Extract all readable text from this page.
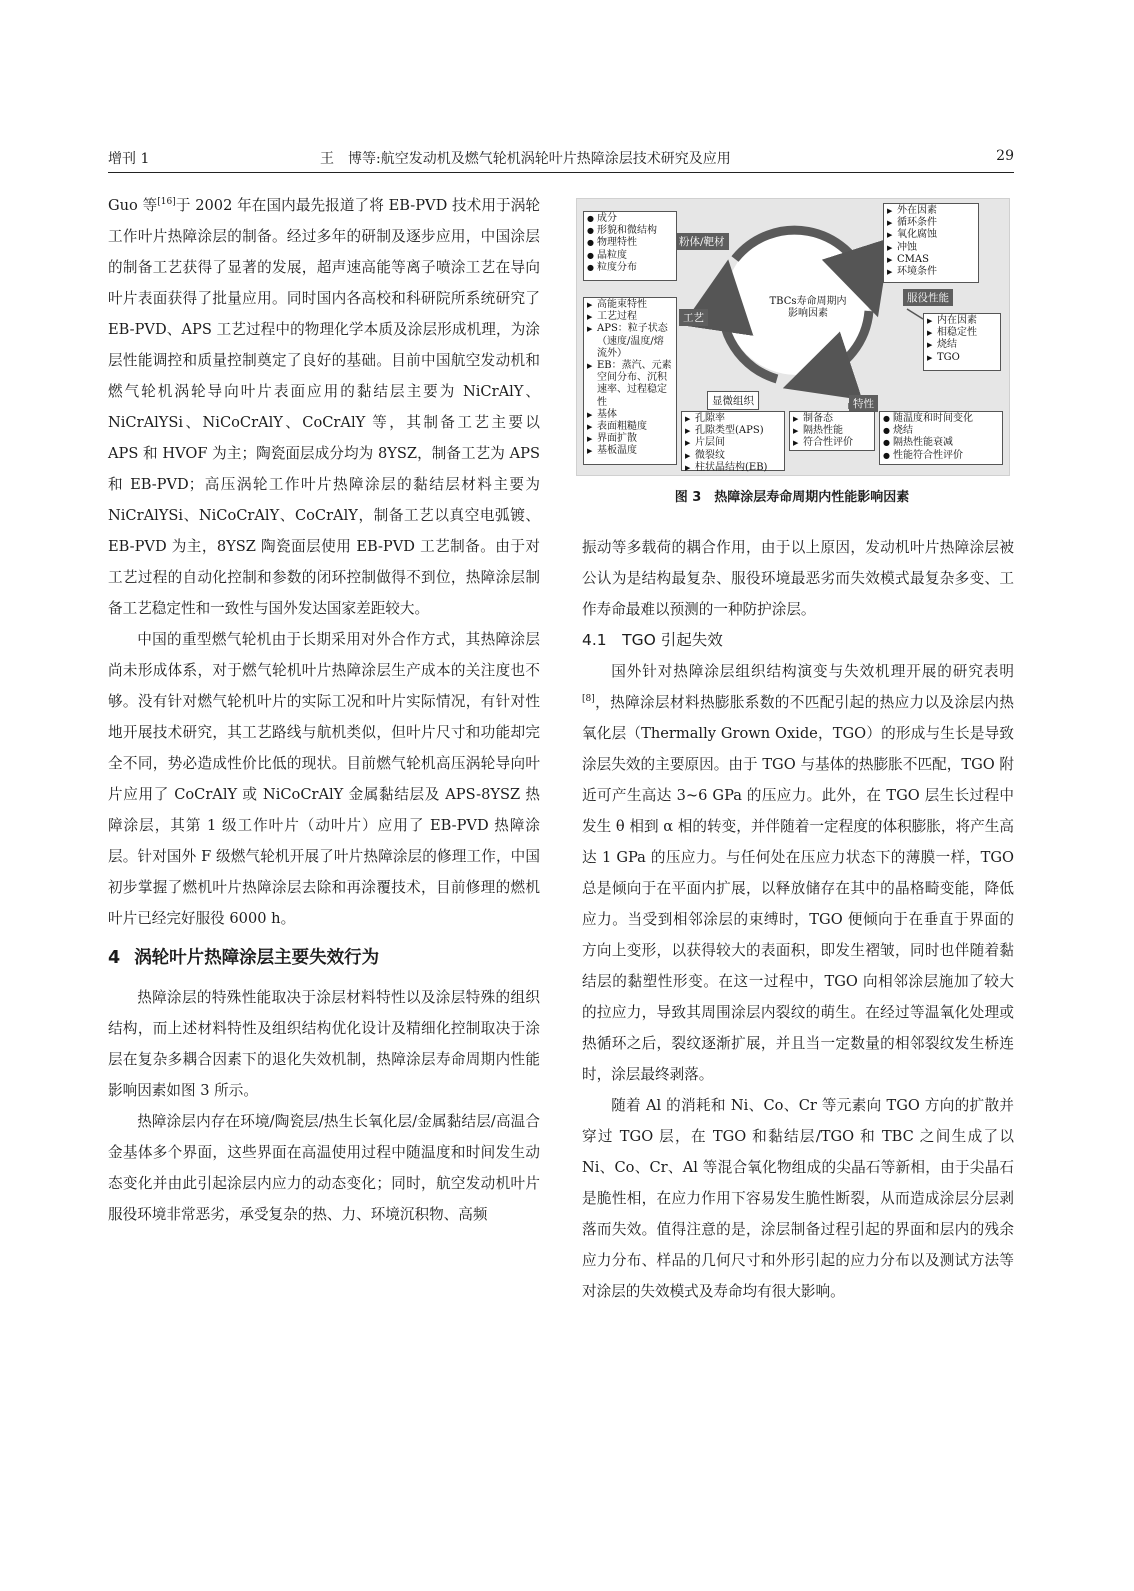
增刊 1	王　博等:航空发动机及燃气轮机涡轮叶片热障涂层技术研究及应用	29

Guo 等[16]于 2002 年在国内最先报道了将 EB-PVD 技术用于涡轮工作叶片热障涂层的制备。经过多年的研制及逐步应用，中国涂层的制备工艺获得了显著的发展，超声速高能等离子喷涂工艺在导向叶片表面获得了批量应用。同时国内各高校和科研院所系统研究了 EB-PVD、APS 工艺过程中的物理化学本质及涂层形成机理，为涂层性能调控和质量控制奠定了良好的基础。目前中国航空发动机和燃气轮机涡轮导向叶片表面应用的黏结层主要为 NiCrAlY、NiCrAlYSi、NiCoCrAlY、CoCrAlY 等，其制备工艺主要以 APS 和 HVOF 为主；陶瓷面层成分均为 8YSZ，制备工艺为 APS 和 EB-PVD；高压涡轮工作叶片热障涂层的黏结层材料主要为 NiCrAlYSi、NiCoCrAlY、CoCrAlY，制备工艺以真空电弧镀、EB-PVD 为主，8YSZ 陶瓷面层使用 EB-PVD 工艺制备。由于对工艺过程的自动化控制和参数的闭环控制做得不到位，热障涂层制备工艺稳定性和一致性与国外发达国家差距较大。

中国的重型燃气轮机由于长期采用对外合作方式，其热障涂层尚未形成体系，对于燃气轮机叶片热障涂层生产成本的关注度也不够。没有针对燃气轮机叶片的实际工况和叶片实际情况，有针对性地开展技术研究，其工艺路线与航机类似，但叶片尺寸和功能却完全不同，势必造成性价比低的现状。目前燃气轮机高压涡轮导向叶片应用了 CoCrAlY 或 NiCoCrAlY 金属黏结层及 APS-8YSZ 热障涂层，其第 1 级工作叶片（动叶片）应用了 EB-PVD 热障涂层。针对国外 F 级燃气轮机开展了叶片热障涂层的修理工作，中国初步掌握了燃机叶片热障涂层去除和再涂覆技术，目前修理的燃机叶片已经完好服役 6000 h。

4 涡轮叶片热障涂层主要失效行为

热障涂层的特殊性能取决于涂层材料特性以及涂层特殊的组织结构，而上述材料特性及组织结构优化设计及精细化控制取决于涂层在复杂多耦合因素下的退化失效机制，热障涂层寿命周期内性能影响因素如图 3 所示。

热障涂层内存在环境/陶瓷层/热生长氧化层/金属黏结层/高温合金基体多个界面，这些界面在高温使用过程中随温度和时间发生动态变化并由此引起涂层内应力的动态变化；同时，航空发动机叶片服役环境非常恶劣，承受复杂的热、力、环境沉积物、高频

TBCs寿命周期内
影响因素
粉体/靶材
工艺
显微组织	特性
服役性能
● 成分
● 形貌和微结构
● 物理特性
● 晶粒度
● 粒度分布
▶ 高能束特性
▶ 工艺过程
▶ APS：粒子状态（速度/温度/熔流外）
▶ EB：蒸汽、元素空间分布、沉积速率、过程稳定性
▶ 基体
▶ 表面粗糙度
▶ 界面扩散
▶ 基板温度
▶ 孔隙率
▶ 孔隙类型(APS)
▶ 片层间
▶ 微裂纹
▶ 柱状晶结构(EB)
▶ 制备态
▶ 隔热性能
▶ 符合性评价
● 随温度和时间变化
● 烧结
● 隔热性能衰减
● 性能符合性评价
▶ 外在因素
▶ 循环条件
▶ 氧化腐蚀
▶ 冲蚀
▶ CMAS
▶ 环境条件
▶ 内在因素
▶ 相稳定性
▶ 烧结
▶ TGO
图 3　热障涂层寿命周期内性能影响因素

振动等多载荷的耦合作用，由于以上原因，发动机叶片热障涂层被公认为是结构最复杂、服役环境最恶劣而失效模式最复杂多变、工作寿命最难以预测的一种防护涂层。

4.1　TGO 引起失效

国外针对热障涂层组织结构演变与失效机理开展的研究表明[8]，热障涂层材料热膨胀系数的不匹配引起的热应力以及涂层内热氧化层（Thermally Grown Oxide，TGO）的形成与生长是导致涂层失效的主要原因。由于 TGO 与基体的热膨胀不匹配，TGO 附近可产生高达 3~6 GPa 的压应力。此外，在 TGO 层生长过程中发生 θ 相到 α 相的转变，并伴随着一定程度的体积膨胀，将产生高达 1 GPa 的压应力。与任何处在压应力状态下的薄膜一样，TGO 总是倾向于在平面内扩展，以释放储存在其中的晶格畸变能，降低应力。当受到相邻涂层的束缚时，TGO 便倾向于在垂直于界面的方向上变形，以获得较大的表面积，即发生褶皱，同时也伴随着黏结层的黏塑性形变。在这一过程中，TGO 向相邻涂层施加了较大的拉应力，导致其周围涂层内裂纹的萌生。在经过等温氧化处理或热循环之后，裂纹逐渐扩展，并且当一定数量的相邻裂纹发生桥连时，涂层最终剥落。

随着 Al 的消耗和 Ni、Co、Cr 等元素向 TGO 方向的扩散并穿过 TGO 层，在 TGO 和黏结层/TGO 和 TBC 之间生成了以 Ni、Co、Cr、Al 等混合氧化物组成的尖晶石等新相，由于尖晶石是脆性相，在应力作用下容易发生脆性断裂，从而造成涂层分层剥落而失效。值得注意的是，涂层制备过程引起的界面和层内的残余应力分布、样品的几何尺寸和外形引起的应力分布以及测试方法等对涂层的失效模式及寿命均有很大影响。
